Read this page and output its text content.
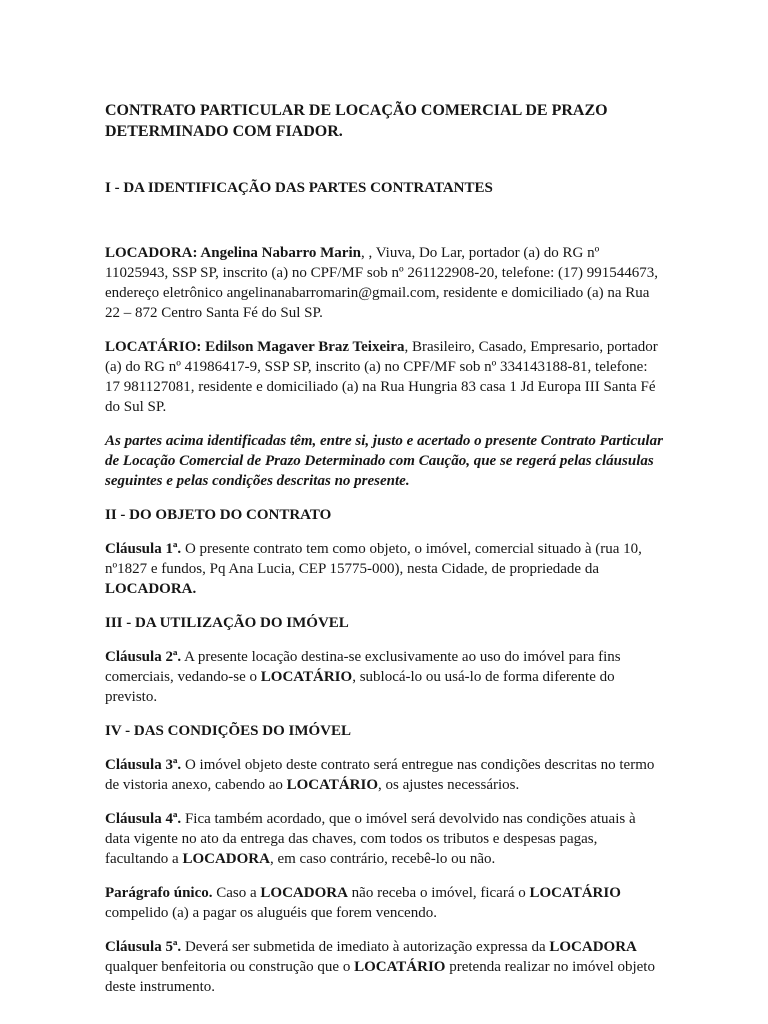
CONTRATO PARTICULAR DE LOCAÇÃO COMERCIAL DE PRAZO DETERMINADO COM FIADOR.
I - DA IDENTIFICAÇÃO DAS PARTES CONTRATANTES

LOCADORA: Angelina Nabarro Marin, , Viuva, Do Lar, portador (a) do RG nº 11025943, SSP SP, inscrito (a) no CPF/MF sob nº 261122908-20, telefone: (17) 991544673, endereço eletrônico angelinanabarromarin@gmail.com, residente e domiciliado (a) na Rua 22 – 872 Centro Santa Fé do Sul SP.

LOCATÁRIO: Edilson Magaver Braz Teixeira, Brasileiro, Casado, Empresario, portador (a) do RG nº 41986417-9, SSP SP, inscrito (a) no CPF/MF sob nº 334143188-81, telefone: 17 981127081, residente e domiciliado (a) na Rua Hungria 83 casa 1 Jd Europa III Santa Fé do Sul SP.

As partes acima identificadas têm, entre si, justo e acertado o presente Contrato Particular de Locação Comercial de Prazo Determinado com Caução, que se regerá pelas cláusulas seguintes e pelas condições descritas no presente.

II - DO OBJETO DO CONTRATO

Cláusula 1ª. O presente contrato tem como objeto, o imóvel, comercial situado à (rua 10, nº1827 e fundos, Pq Ana Lucia, CEP 15775-000), nesta Cidade, de propriedade da LOCADORA.

III - DA UTILIZAÇÃO DO IMÓVEL

Cláusula 2ª. A presente locação destina-se exclusivamente ao uso do imóvel para fins comerciais, vedando-se o LOCATÁRIO, sublocá-lo ou usá-lo de forma diferente do previsto.

IV - DAS CONDIÇÕES DO IMÓVEL

Cláusula 3ª. O imóvel objeto deste contrato será entregue nas condições descritas no termo de vistoria anexo, cabendo ao LOCATÁRIO, os ajustes necessários.

Cláusula 4ª. Fica também acordado, que o imóvel será devolvido nas condições atuais à data vigente no ato da entrega das chaves, com todos os tributos e despesas pagas, facultando a LOCADORA, em caso contrário, recebê-lo ou não.

Parágrafo único. Caso a LOCADORA não receba o imóvel, ficará o LOCATÁRIO compelido (a) a pagar os aluguéis que forem vencendo.

Cláusula 5ª. Deverá ser submetida de imediato à autorização expressa da LOCADORA qualquer benfeitoria ou construção que o LOCATÁRIO pretenda realizar no imóvel objeto deste instrumento.
